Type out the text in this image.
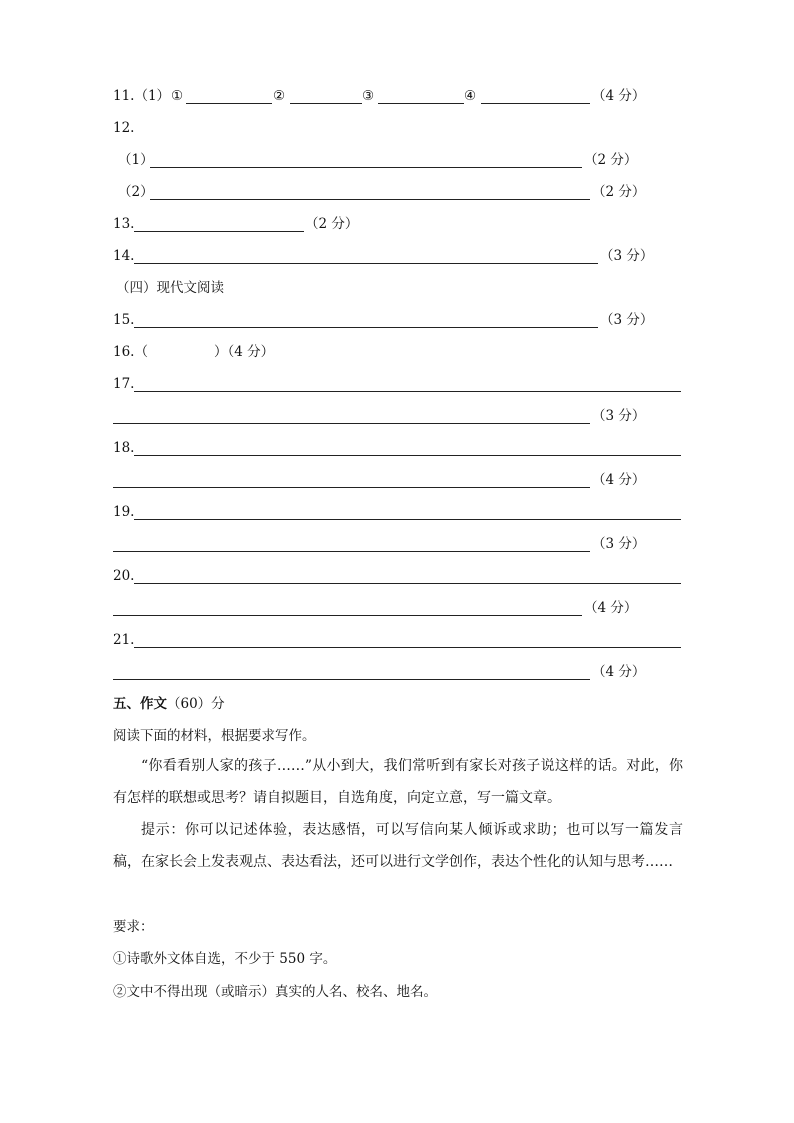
11.（1） ①	②	③	④	（4 分）
12.
（1）	（2 分）
（2）	（2 分）
13.	（2 分）
14.	（3 分）
（四）现代文阅读
15.	（3 分）
16.（	）（4 分）
17.
（3 分）
18.
（4 分）
19.
（3 分）
20.
（4 分）
21.
（4 分）
五、作文（60）分
阅读下面的材料，根据要求写作。

“你看看别人家的孩子……”从小到大，我们常听到有家长对孩子说这样的话。对此，你有怎样的联想或思考？请自拟题目，自选角度，向定立意，写一篇文章。

提示：你可以记述体验，表达感悟，可以写信向某人倾诉或求助；也可以写一篇发言稿，在家长会上发表观点、表达看法，还可以进行文学创作，表达个性化的认知与思考……

要求：
①诗歌外文体自选，不少于 550 字。
②文中不得出现（或暗示）真实的人名、校名、地名。
